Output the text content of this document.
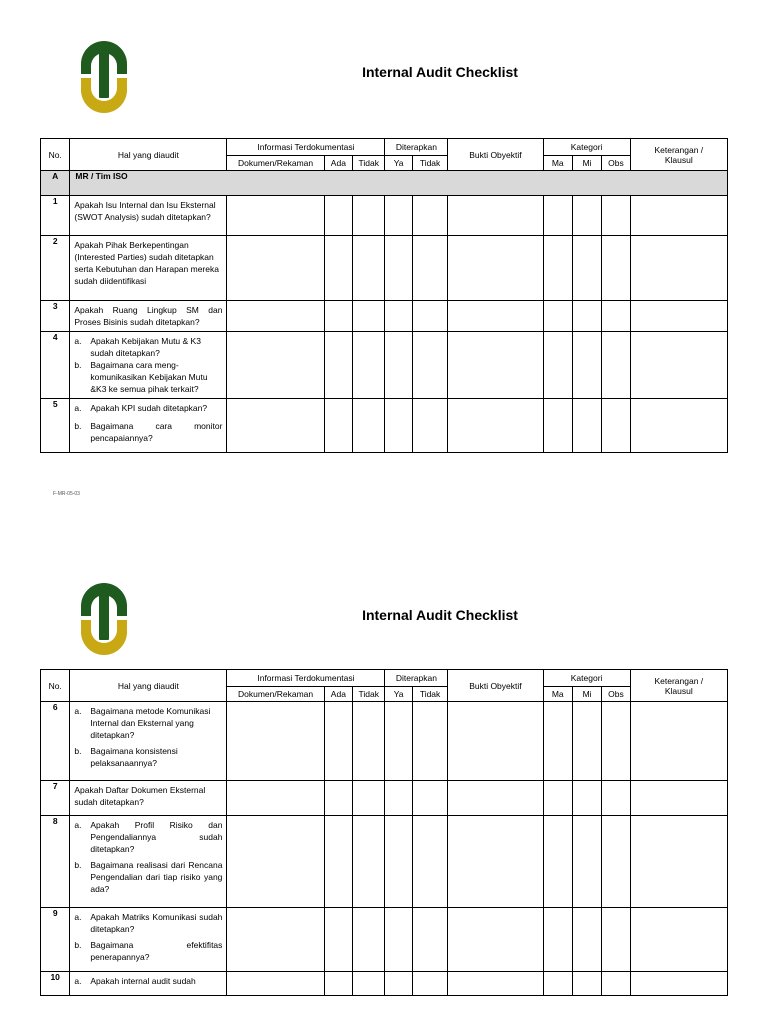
Internal Audit Checklist
No.	Hal yang diaudit	Informasi Terdokumentasi			Diterapkan		Bukti Obyektif	Kategori			Keterangan /
Klausul
		Dokumen/Rekaman	Ada	Tidak	Ya	Tidak		Ma	Mi	Obs	
A	MR / Tim ISO										
1	Apakah Isu Internal dan Isu Eksternal (SWOT Analysis) sudah ditetapkan?										

2	Apakah Pihak Berkepentingan (Interested Parties) sudah ditetapkan serta Kebutuhan dan Harapan mereka sudah diidentifikasi										

3	Apakah Ruang Lingkup SM dan Proses Bisinis sudah ditetapkan?										

4	a. Apakah Kebijakan Mutu & K3 sudah ditetapkan?
b. Bagaimana cara meng-komunikasikan Kebijakan Mutu &K3 ke semua pihak terkait?										

5	a. Apakah KPI sudah ditetapkan?
b. Bagaimana cara monitor pencapaiannya?										

F-MR-05-03
Internal Audit Checklist
No.	Hal yang diaudit	Informasi Terdokumentasi			Diterapkan		Bukti Obyektif	Kategori			Keterangan /
Klausul
		Dokumen/Rekaman	Ada	Tidak	Ya	Tidak		Ma	Mi	Obs	
6	a. Bagaimana metode Komunikasi Internal dan Eksternal yang ditetapkan?
b. Bagaimana konsistensi pelaksanaannya?										

7	Apakah Daftar Dokumen Eksternal sudah ditetapkan?										

8	a. Apakah Profil Risiko dan Pengendaliannya sudah ditetapkan?
b. Bagaimana realisasi dari Rencana Pengendalian dari tiap risiko yang ada?										

9	a. Apakah Matriks Komunikasi sudah ditetapkan?
b. Bagaimana efektifitas penerapannya?										

10	a. Apakah internal audit sudah										
